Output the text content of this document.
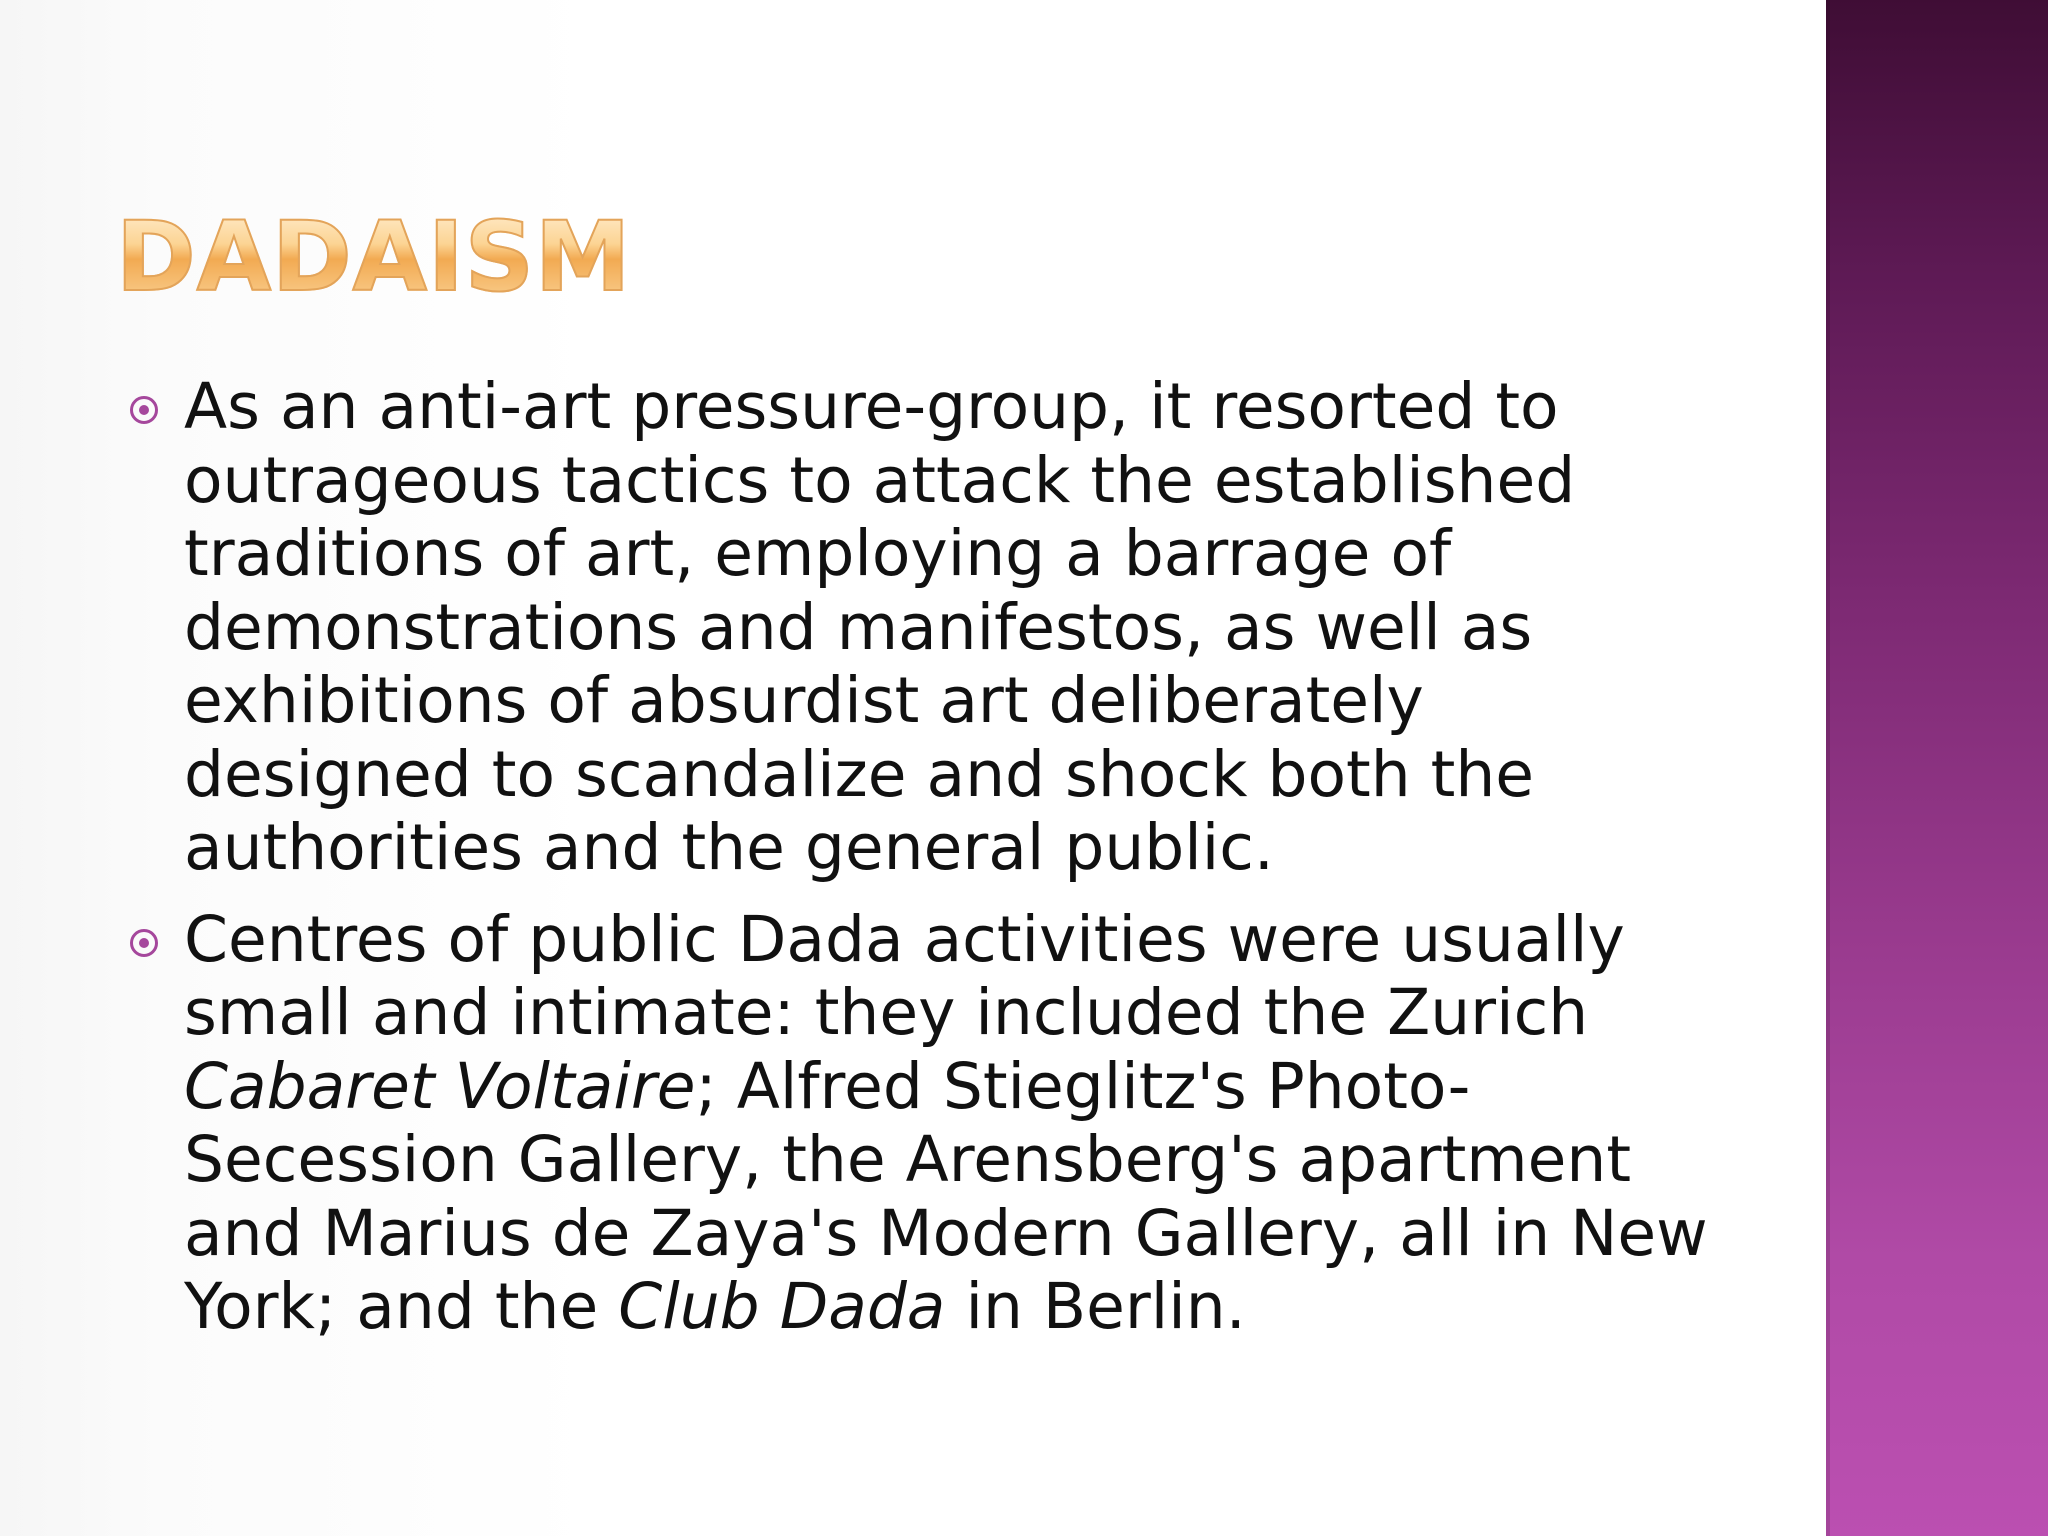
DADAISM
As an anti-art pressure-group, it resorted to outrageous tactics to attack the established traditions of art, employing a barrage of demonstrations and manifestos, as well as exhibitions of absurdist art deliberately designed to scandalize and shock both the authorities and the general public.
Centres of public Dada activities were usually small and intimate: they included the Zurich Cabaret Voltaire; Alfred Stieglitz's Photo-Secession Gallery, the Arensberg's apartment and Marius de Zaya's Modern Gallery, all in New York; and the Club Dada in Berlin.
